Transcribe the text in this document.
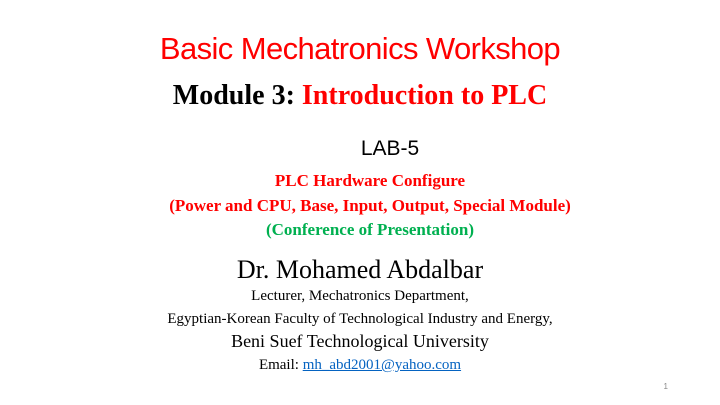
Basic Mechatronics Workshop
Module 3: Introduction to PLC
LAB-5
PLC Hardware Configure
(Power and CPU, Base, Input, Output, Special Module)
(Conference of Presentation)
Dr. Mohamed Abdalbar
Lecturer, Mechatronics Department,
Egyptian-Korean Faculty of Technological Industry and Energy,
Beni Suef Technological University
Email: mh_abd2001@yahoo.com
1
